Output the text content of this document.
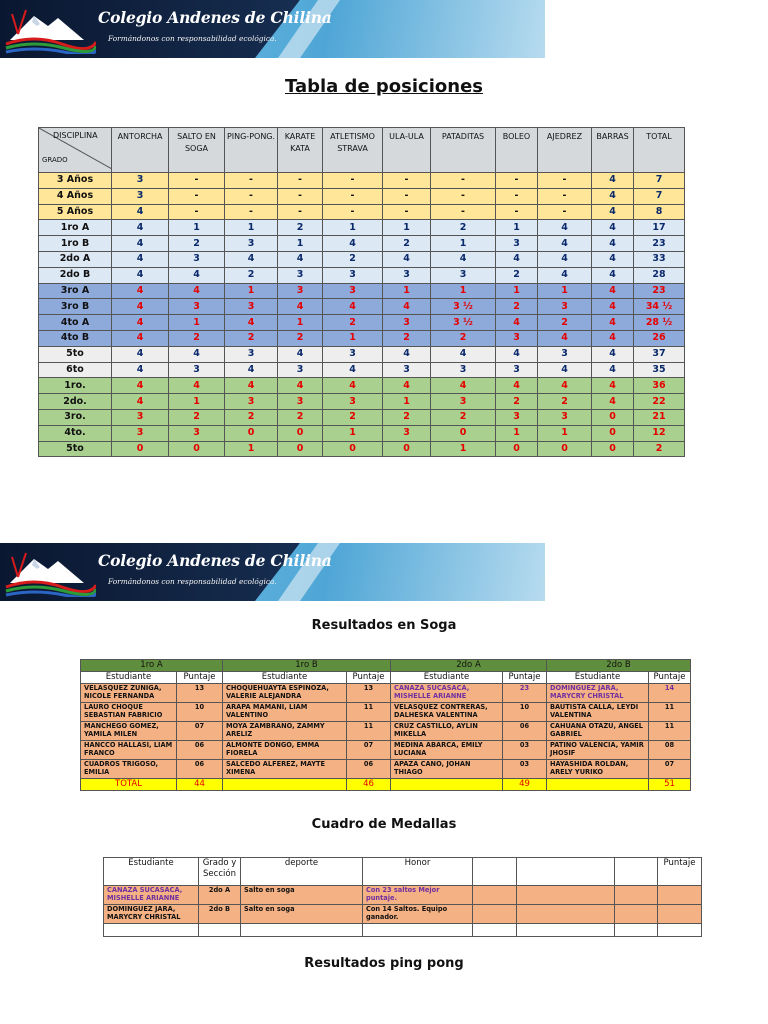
Colegio Andenes de Chilina
Formándonos con responsabilidad ecológica.
Tabla de posiciones
DISCIPLINA
GRADO	ANTORCHA	SALTO EN SOGA	PING-PONG.	KARATE KATA	ATLETISMO STRAVA	ULA-ULA	PATADITAS	BOLEO	AJEDREZ	BARRAS	TOTAL
3 Años	3	-	-	-	-	-	-	-	-	4	7
4 Años	3	-	-	-	-	-	-	-	-	4	7
5 Años	4	-	-	-	-	-	-	-	-	4	8
1ro A	4	1	1	2	1	1	2	1	4	4	17
1ro B	4	2	3	1	4	2	1	3	4	4	23
2do A	4	3	4	4	2	4	4	4	4	4	33
2do B	4	4	2	3	3	3	3	2	4	4	28
3ro A	4	4	1	3	3	1	1	1	1	4	23
3ro B	4	3	3	4	4	4	3 ½	2	3	4	34 ½
4to A	4	1	4	1	2	3	3 ½	4	2	4	28 ½
4to B	4	2	2	2	1	2	2	3	4	4	26
5to	4	4	3	4	3	4	4	4	3	4	37
6to	4	3	4	3	4	3	3	3	4	4	35
1ro.	4	4	4	4	4	4	4	4	4	4	36
2do.	4	1	3	3	3	1	3	2	2	4	22
3ro.	3	2	2	2	2	2	2	3	3	0	21
4to.	3	3	0	0	1	3	0	1	1	0	12
5to	0	0	1	0	0	0	1	0	0	0	2
Colegio Andenes de Chilina
Formándonos con responsabilidad ecológica.
Resultados en Soga
1ro A		1ro B		2do A		2do B	
Estudiante	Puntaje	Estudiante	Puntaje	Estudiante	Puntaje	Estudiante	Puntaje
VELASQUEZ ZUÑIGA, NICOLE FERNANDA	13	CHOQUEHUAYTA ESPINOZA, VALERIE ALEJANDRA	13	CANAZA SUCASACA, MISHELLE ARIANNE	23	DOMINGUEZ JARA, MARYCRY CHRISTAL	14
LAURO CHOQUE SEBASTIAN FABRICIO	10	ARAPA MAMANI, LIAM VALENTINO	11	VELASQUEZ CONTRERAS, DALHESKA VALENTINA	10	BAUTISTA CALLA, LEYDI VALENTINA	11
MANCHEGO GOMEZ, YAMILA MILEN	07	MOYA ZAMBRANO, ZAMMY ARELIZ	11	CRUZ CASTILLO, AYLIN MIKELLA	06	CAHUANA OTAZU, ANGEL GABRIEL	11
HANCCO HALLASI, LIAM FRANCO	06	ALMONTE DONGO, EMMA FIORELA	07	MEDINA ABARCA, EMILY LUCIANA	03	PATIÑO VALENCIA, YAMIR JHOSIF	08
CUADROS TRIGOSO, EMILIA	06	SALCEDO ALFEREZ, MAYTE XIMENA	06	APAZA CANO, JOHAN THIAGO	03	HAYASHIDA ROLDAN, ARELY YURIKO	07
TOTAL	44		46		49		51
Cuadro de Medallas
Estudiante	Grado y Sección	deporte	Honor				Puntaje
CANAZA SUCASACA, MISHELLE ARIANNE	2do A	Salto en soga	Con 23 saltos Mejor puntaje.				
DOMINGUEZ JARA, MARYCRY CHRISTAL	2do B	Salto en soga	Con 14 Saltos. Equipo ganador.				

Resultados ping pong
